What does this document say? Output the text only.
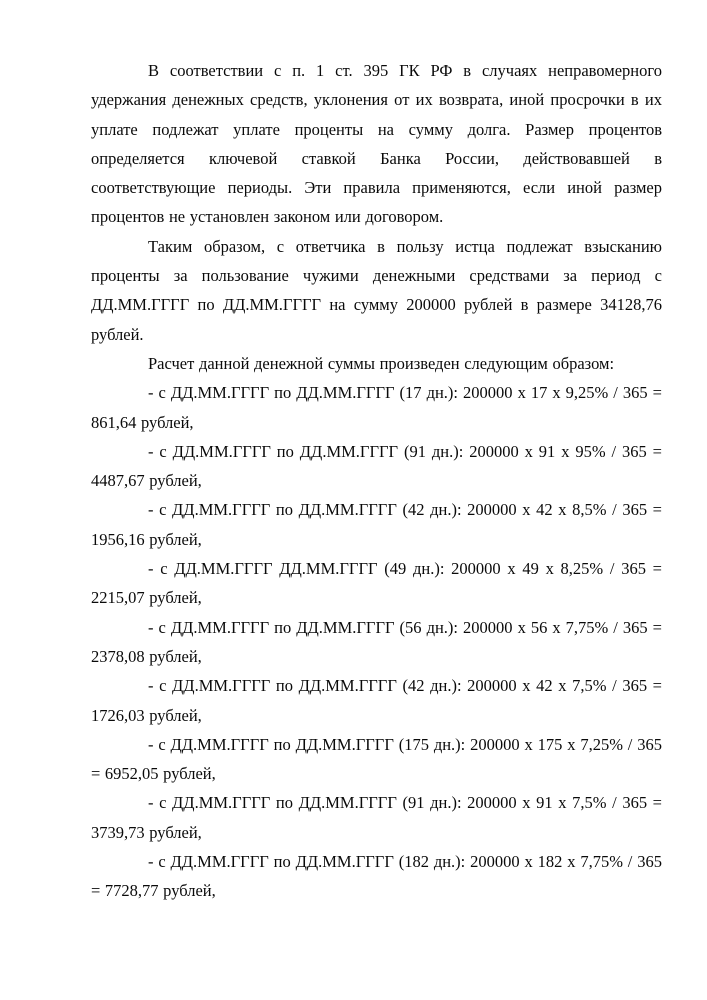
В соответствии с п. 1 ст. 395 ГК РФ в случаях неправомерного удержания денежных средств, уклонения от их возврата, иной просрочки в их уплате подлежат уплате проценты на сумму долга. Размер процентов определяется ключевой ставкой Банка России, действовавшей в соответствующие периоды. Эти правила применяются, если иной размер процентов не установлен законом или договором.

Таким образом, с ответчика в пользу истца подлежат взысканию проценты за пользование чужими денежными средствами за период с ДД.ММ.ГГГГ по ДД.ММ.ГГГГ на сумму 200000 рублей в размере 34128,76 рублей.

Расчет данной денежной суммы произведен следующим образом:

- с ДД.ММ.ГГГГ по ДД.ММ.ГГГГ (17 дн.): 200000 x 17 x 9,25% / 365 = 861,64 рублей,

- с ДД.ММ.ГГГГ по ДД.ММ.ГГГГ (91 дн.): 200000 x 91 x 95% / 365 = 4487,67 рублей,

- с ДД.ММ.ГГГГ по ДД.ММ.ГГГГ (42 дн.): 200000 x 42 x 8,5% / 365 = 1956,16 рублей,

- с ДД.ММ.ГГГГ ДД.ММ.ГГГГ (49 дн.): 200000 x 49 x 8,25% / 365 = 2215,07 рублей,

- с ДД.ММ.ГГГГ по ДД.ММ.ГГГГ (56 дн.): 200000 x 56 x 7,75% / 365 = 2378,08 рублей,

- с ДД.ММ.ГГГГ по ДД.ММ.ГГГГ (42 дн.): 200000 x 42 x 7,5% / 365 = 1726,03 рублей,

- с ДД.ММ.ГГГГ по ДД.ММ.ГГГГ (175 дн.): 200000 x 175 x 7,25% / 365 = 6952,05 рублей,

- с ДД.ММ.ГГГГ по ДД.ММ.ГГГГ (91 дн.): 200000 x 91 x 7,5% / 365 = 3739,73 рублей,

- с ДД.ММ.ГГГГ по ДД.ММ.ГГГГ (182 дн.): 200000 x 182 x 7,75% / 365 = 7728,77 рублей,
